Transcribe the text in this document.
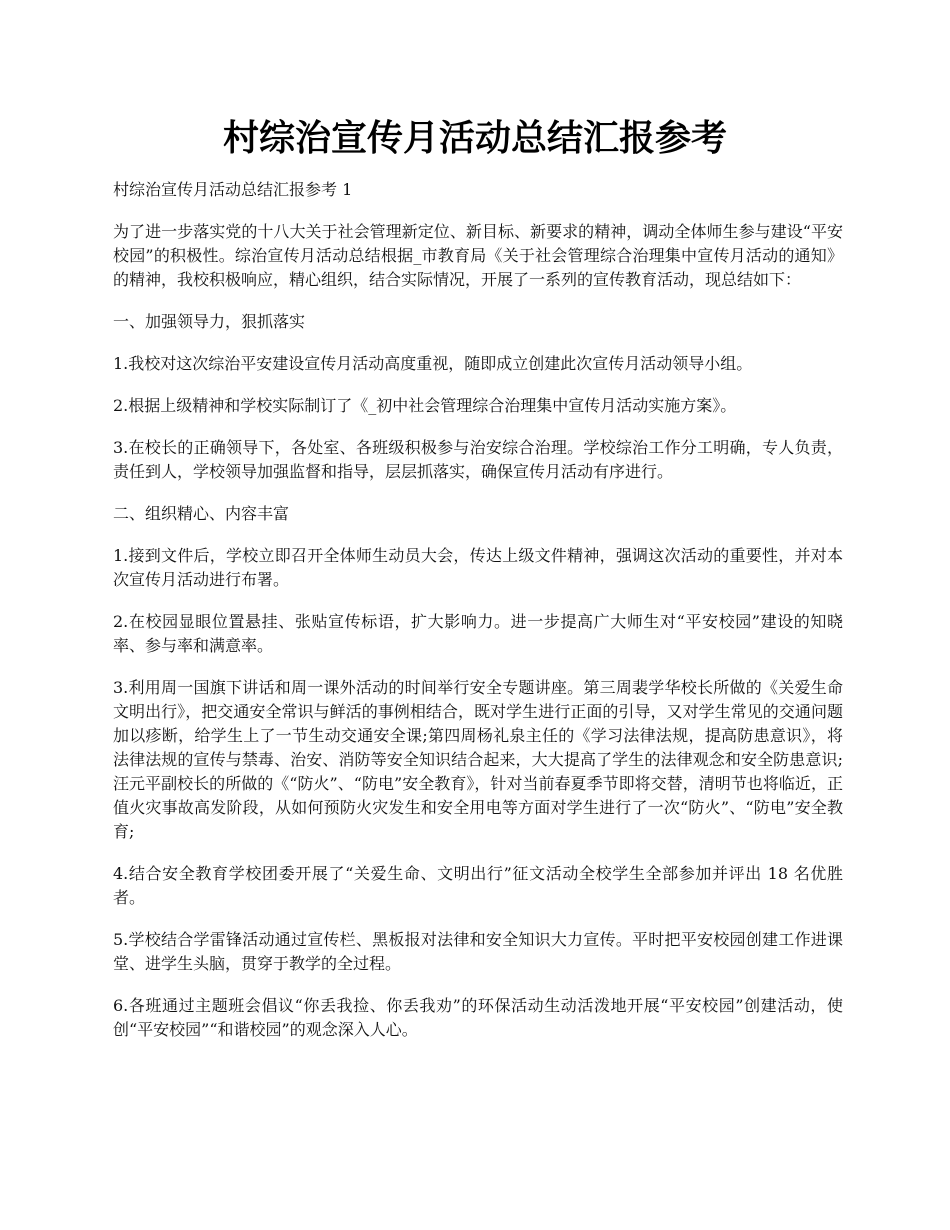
村综治宣传月活动总结汇报参考

村综治宣传月活动总结汇报参考 1

为了进一步落实党的十八大关于社会管理新定位、新目标、新要求的精神，调动全体师生参与建设“平安校园”的积极性。综治宣传月活动总结根据_市教育局《关于社会管理综合治理集中宣传月活动的通知》的精神，我校积极响应，精心组织，结合实际情况，开展了一系列的宣传教育活动，现总结如下：

一、加强领导力，狠抓落实

1.我校对这次综治平安建设宣传月活动高度重视，随即成立创建此次宣传月活动领导小组。

2.根据上级精神和学校实际制订了《_初中社会管理综合治理集中宣传月活动实施方案》。

3.在校长的正确领导下，各处室、各班级积极参与治安综合治理。学校综治工作分工明确，专人负责，责任到人，学校领导加强监督和指导，层层抓落实，确保宣传月活动有序进行。

二、组织精心、内容丰富

1.接到文件后，学校立即召开全体师生动员大会，传达上级文件精神，强调这次活动的重要性，并对本次宣传月活动进行布署。

2.在校园显眼位置悬挂、张贴宣传标语，扩大影响力。进一步提高广大师生对“平安校园”建设的知晓率、参与率和满意率。

3.利用周一国旗下讲话和周一课外活动的时间举行安全专题讲座。第三周裴学华校长所做的《关爱生命文明出行》，把交通安全常识与鲜活的事例相结合，既对学生进行正面的引导，又对学生常见的交通问题加以疹断，给学生上了一节生动交通安全课;第四周杨礼泉主任的《学习法律法规，提高防患意识》，将法律法规的宣传与禁毒、治安、消防等安全知识结合起来，大大提高了学生的法律观念和安全防患意识;汪元平副校长的所做的《“防火”、“防电”安全教育》，针对当前春夏季节即将交替，清明节也将临近，正值火灾事故高发阶段，从如何预防火灾发生和安全用电等方面对学生进行了一次“防火”、“防电”安全教育;

4.结合安全教育学校团委开展了“关爱生命、文明出行”征文活动全校学生全部参加并评出 18 名优胜者。

5.学校结合学雷锋活动通过宣传栏、黑板报对法律和安全知识大力宣传。平时把平安校园创建工作进课堂、进学生头脑，贯穿于教学的全过程。

6.各班通过主题班会倡议“你丢我捡、你丢我劝”的环保活动生动活泼地开展“平安校园”创建活动，使创“平安校园”“和谐校园”的观念深入人心。
